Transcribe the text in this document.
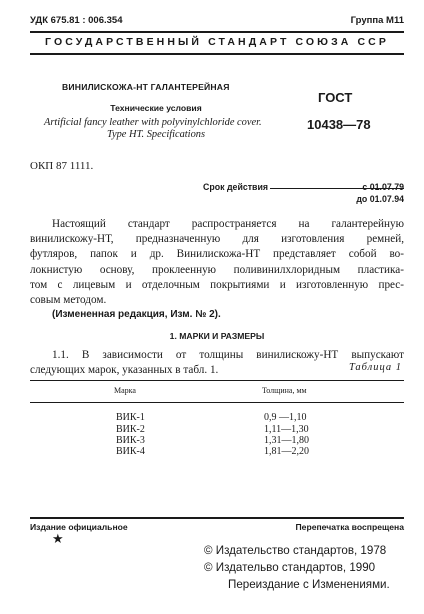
УДК 675.81 : 006.354	Группа М11
ГОСУДАРСТВЕННЫЙ СТАНДАРТ СОЮЗА ССР
ВИНИЛИСКОЖА-НТ ГАЛАНТЕРЕЙНАЯ
Технические условия
Artificial fancy leather with polyvinylchloride cover.
Type HT. Specifications
ГОСТ
10438—78
ОКП 87 1111.
Срок действия	с 01.07.79
до 01.07.94
Настоящий стандарт распространяется на галантерейную
винилискожу-НТ, предназначенную для изготовления ремней,
футляров, папок и др. Винилискожа-НТ представляет собой во-
локнистую основу, проклеенную поливинилхлоридным пластика-
том с лицевым и отделочным покрытиями и изготовленную прес-
совым методом.
(Измененная редакция, Изм. № 2).
1. МАРКИ И РАЗМЕРЫ
1.1. В зависимости от толщины винилискожу-НТ выпускают
следующих марок, указанных в табл. 1.	Таблица 1
Марка	Толщина, мм
ВИК-1	0,9 —1,10
ВИК-2	1,11—1,30
ВИК-3	1,31—1,80
ВИК-4	1,81—2,20
Издание официальное	Перепечатка воспрещена
★
© Издательство стандартов, 1978
© Издательво стандартов, 1990
Переиздание с Изменениями.
